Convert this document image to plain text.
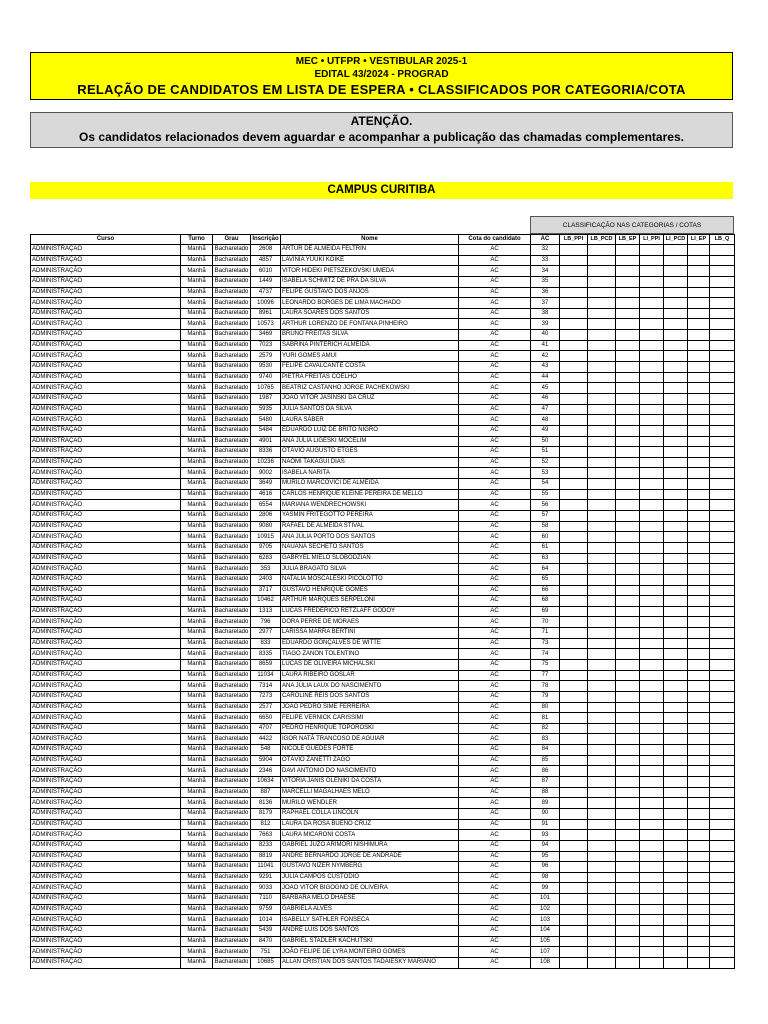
MEC • UTFPR • VESTIBULAR 2025-1
EDITAL 43/2024 - PROGRAD
RELAÇÃO DE CANDIDATOS EM LISTA DE ESPERA • CLASSIFICADOS POR CATEGORIA/COTA
ATENÇÃO.
Os candidatos relacionados devem aguardar e acompanhar a publicação das chamadas complementares.
CAMPUS CURITIBA
CLASSIFICAÇÃO NAS CATEGORIAS / COTAS
Curso	Turno	Grau	Inscrição	Nome	Cota do candidato	AC	LB_PPI	LB_PCD	LB_EP	LI_PPI	LI_PCD	LI_EP	LB_Q
ADMINISTRAÇÃO	Manhã	Bacharelado	2608	ARTUR DE ALMEIDA FELTRIN	AC	32							
ADMINISTRAÇÃO	Manhã	Bacharelado	4857	LAVINIA YUUKI KOIKE	AC	33							
ADMINISTRAÇÃO	Manhã	Bacharelado	6010	VITOR HIDEKI PIETSZEKOVSKI UMEDA	AC	34							
ADMINISTRAÇÃO	Manhã	Bacharelado	1449	ISABELA SCHMITZ DE PRA DA SILVA	AC	35							
ADMINISTRAÇÃO	Manhã	Bacharelado	4737	FELIPE GUSTAVO DOS ANJOS	AC	36							
ADMINISTRAÇÃO	Manhã	Bacharelado	10096	LEONARDO BORGES DE LIMA MACHADO	AC	37							
ADMINISTRAÇÃO	Manhã	Bacharelado	8961	LAURA SOARES DOS SANTOS	AC	38							
ADMINISTRAÇÃO	Manhã	Bacharelado	10573	ARTHUR LORENZO DE FONTANA PINHEIRO	AC	39							
ADMINISTRAÇÃO	Manhã	Bacharelado	3469	BRUNO FREITAS SILVA	AC	40							
ADMINISTRAÇÃO	Manhã	Bacharelado	7023	SABRINA PINTERICH ALMEIDA	AC	41							
ADMINISTRAÇÃO	Manhã	Bacharelado	2579	YURI GOMES AMUI	AC	42							
ADMINISTRAÇÃO	Manhã	Bacharelado	9530	FELIPE CAVALCANTE COSTA	AC	43							
ADMINISTRAÇÃO	Manhã	Bacharelado	9740	PIETRA FREITAS COELHO	AC	44							
ADMINISTRAÇÃO	Manhã	Bacharelado	10765	BEATRIZ CASTANHO JORGE PACHEKOWSKI	AC	45							
ADMINISTRAÇÃO	Manhã	Bacharelado	1987	JOÃO VITOR JASINSKI DA CRUZ	AC	46							
ADMINISTRAÇÃO	Manhã	Bacharelado	5935	JULIA SANTOS DA SILVA	AC	47							
ADMINISTRAÇÃO	Manhã	Bacharelado	5480	LAURA SÁBER	AC	48							
ADMINISTRAÇÃO	Manhã	Bacharelado	5484	EDUARDO LUIZ DE BRITO NIGRO	AC	49							
ADMINISTRAÇÃO	Manhã	Bacharelado	4901	ANA JULIA LIGESKI MOCELIM	AC	50							
ADMINISTRAÇÃO	Manhã	Bacharelado	8336	OTÁVIO AUGUSTO ETGES	AC	51							
ADMINISTRAÇÃO	Manhã	Bacharelado	10236	NAOMI TAKAGUI DIAS	AC	52							
ADMINISTRAÇÃO	Manhã	Bacharelado	9002	ISABELA NARITA	AC	53							
ADMINISTRAÇÃO	Manhã	Bacharelado	3649	MURILO MARCOVICI DE ALMEIDA	AC	54							
ADMINISTRAÇÃO	Manhã	Bacharelado	4616	CARLOS HENRIQUE KLEINE PEREIRA DE MELLO	AC	55							
ADMINISTRAÇÃO	Manhã	Bacharelado	6554	MARIANA WENDRECHOWSKI	AC	56							
ADMINISTRAÇÃO	Manhã	Bacharelado	2806	YASMIN FRITEGOTTO PEREIRA	AC	57							
ADMINISTRAÇÃO	Manhã	Bacharelado	9080	RAFAEL DE ALMEIDA STIVAL	AC	58							
ADMINISTRAÇÃO	Manhã	Bacharelado	10915	ANA JÚLIA PORTO DOS SANTOS	AC	60							
ADMINISTRAÇÃO	Manhã	Bacharelado	9705	NAUANA SECHETO SANTOS	AC	61							
ADMINISTRAÇÃO	Manhã	Bacharelado	6283	GABRYEL MIELO SLOBODZIAN	AC	63							
ADMINISTRAÇÃO	Manhã	Bacharelado	353	JULIA BRAGATO SILVA	AC	64							
ADMINISTRAÇÃO	Manhã	Bacharelado	2403	NATALIA MOSCALESKI PICOLOTTO	AC	65							
ADMINISTRAÇÃO	Manhã	Bacharelado	3717	GUSTAVO HENRIQUE GOMES	AC	66							
ADMINISTRAÇÃO	Manhã	Bacharelado	10462	ARTHUR MARQUES SERPELONI	AC	68							
ADMINISTRAÇÃO	Manhã	Bacharelado	1313	LUCAS FREDERICO RETZLAFF GODOY	AC	69							
ADMINISTRAÇÃO	Manhã	Bacharelado	796	DORA PERRE DE MORAES	AC	70							
ADMINISTRAÇÃO	Manhã	Bacharelado	2977	LARISSA MARRA BERTINI	AC	71							
ADMINISTRAÇÃO	Manhã	Bacharelado	833	EDUARDO GONÇALVES DE WITTE	AC	73							
ADMINISTRAÇÃO	Manhã	Bacharelado	8335	TIAGO ZANON TOLENTINO	AC	74							
ADMINISTRAÇÃO	Manhã	Bacharelado	8659	LUCAS DE OLIVEIRA MICHALSKI	AC	75							
ADMINISTRAÇÃO	Manhã	Bacharelado	11034	LAURA RIBEIRO GOSLAR	AC	77							
ADMINISTRAÇÃO	Manhã	Bacharelado	7314	ANA JÚLIA LAUX DO NASCIMENTO	AC	78							
ADMINISTRAÇÃO	Manhã	Bacharelado	7273	CAROLINE REIS DOS SANTOS	AC	79							
ADMINISTRAÇÃO	Manhã	Bacharelado	2577	JOAO PEDRO SIME FERREIRA	AC	80							
ADMINISTRAÇÃO	Manhã	Bacharelado	6650	FELIPE VERNICK CARISSIMI	AC	81							
ADMINISTRAÇÃO	Manhã	Bacharelado	4707	PEDRO HENRIQUE TOPOROSKI	AC	82							
ADMINISTRAÇÃO	Manhã	Bacharelado	4422	IGOR NATÃ TRANCOSO DE AGUIAR	AC	83							
ADMINISTRAÇÃO	Manhã	Bacharelado	548	NICOLE GUEDES FORTE	AC	84							
ADMINISTRAÇÃO	Manhã	Bacharelado	5904	OTÁVIO ZANETTI ZAGO	AC	85							
ADMINISTRAÇÃO	Manhã	Bacharelado	2346	DAVI ANTONIO DO NASCIMENTO	AC	86							
ADMINISTRAÇÃO	Manhã	Bacharelado	10634	VITORIA JANIS OLENIKI DA COSTA	AC	87							
ADMINISTRAÇÃO	Manhã	Bacharelado	887	MARCELLI MAGALHÃES MELO	AC	88							
ADMINISTRAÇÃO	Manhã	Bacharelado	8136	MURILO WENDLER	AC	89							
ADMINISTRAÇÃO	Manhã	Bacharelado	8179	RAPHAEL COLLA LINCOLN	AC	90							
ADMINISTRAÇÃO	Manhã	Bacharelado	812	LAURA DA ROSA BUENO CRUZ	AC	91							
ADMINISTRAÇÃO	Manhã	Bacharelado	7663	LAURA MICARONI COSTA	AC	93							
ADMINISTRAÇÃO	Manhã	Bacharelado	8233	GABRIEL JUZO ARIMORI NISHIMURA	AC	94							
ADMINISTRAÇÃO	Manhã	Bacharelado	8819	ANDRE BERNARDO JORGE DE ANDRADE	AC	95							
ADMINISTRAÇÃO	Manhã	Bacharelado	11041	GUSTAVO NIZER NYMBERG	AC	96							
ADMINISTRAÇÃO	Manhã	Bacharelado	9291	JULIA CAMPOS CUSTÓDIO	AC	98							
ADMINISTRAÇÃO	Manhã	Bacharelado	9033	JOAO VITOR BIGOGNO DE OLIVEIRA	AC	99							
ADMINISTRAÇÃO	Manhã	Bacharelado	7110	BARBARA MELO DHAESE	AC	101							
ADMINISTRAÇÃO	Manhã	Bacharelado	9759	GABRIELA ALVES	AC	102							
ADMINISTRAÇÃO	Manhã	Bacharelado	1014	ISABELLY SATHLER FONSECA	AC	103							
ADMINISTRAÇÃO	Manhã	Bacharelado	5439	ANDRÉ LUIS DOS SANTOS	AC	104							
ADMINISTRAÇÃO	Manhã	Bacharelado	8470	GABRIEL STADLER KACHUTSKI	AC	105							
ADMINISTRAÇÃO	Manhã	Bacharelado	751	JOÃO FELIPE DE LYRA MONTEIRO GOMES	AC	107							
ADMINISTRAÇÃO	Manhã	Bacharelado	10685	ALLAN CRISTIAN DOS SANTOS TADAIESKY MARIANO	AC	108							
